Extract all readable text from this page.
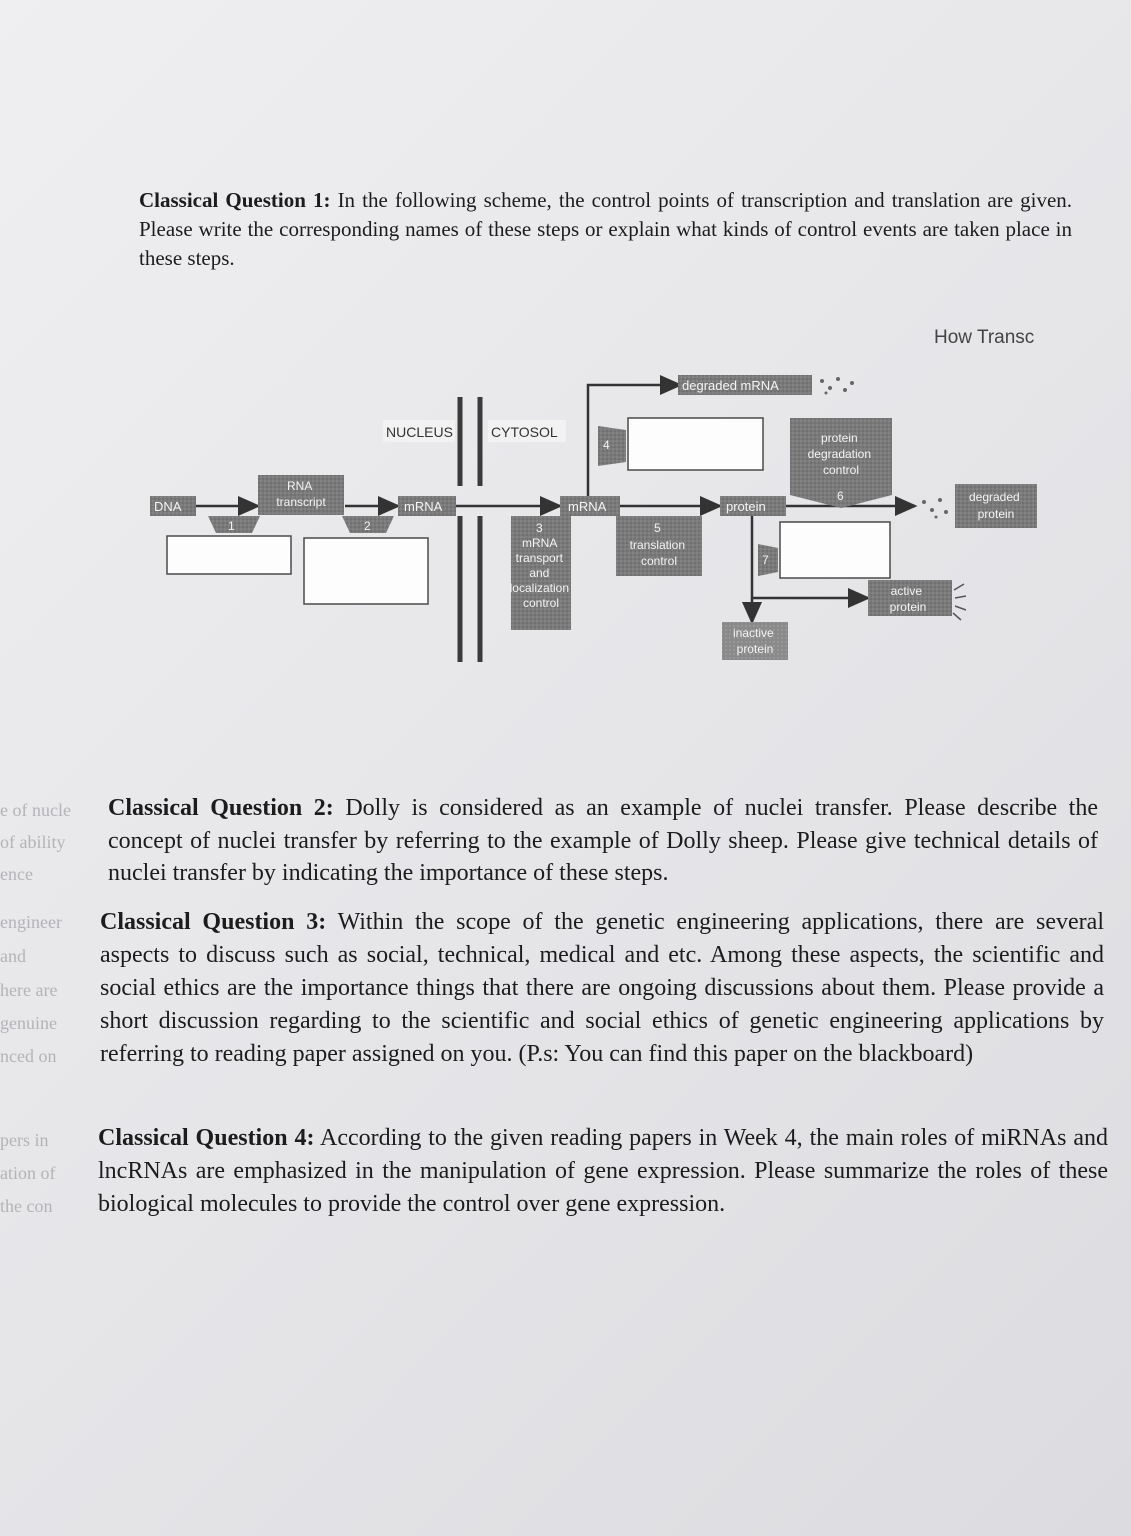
e of nucle
of ability
ence
engineer
and
here are
genuine
nced on
pers in
ation of
the con

Classical Question 1: In the following scheme, the control points of transcription and translation are given. Please write the corresponding names of these steps or explain what kinds of control events are taken place in these steps.

How Transc
NUCLEUS	CYTOSOL
DNA
RNA transcript	mRNA	mRNA	protein
degraded mRNA
degraded protein
active protein
inactive protein
1	2	3
mRNA transport and localization control
4
5
translation control
protein degradation control
6
7

Classical Question 2: Dolly is considered as an example of nuclei transfer. Please describe the concept of nuclei transfer by referring to the example of Dolly sheep. Please give technical details of nuclei transfer by indicating the importance of these steps.

Classical Question 3: Within the scope of the genetic engineering applications, there are several aspects to discuss such as social, technical, medical and etc. Among these aspects, the scientific and social ethics are the importance things that there are ongoing discussions about them. Please provide a short discussion regarding to the scientific and social ethics of genetic engineering applications by referring to reading paper assigned on you. (P.s: You can find this paper on the blackboard)

Classical Question 4: According to the given reading papers in Week 4, the main roles of miRNAs and lncRNAs are emphasized in the manipulation of gene expression. Please summarize the roles of these biological molecules to provide the control over gene expression.
